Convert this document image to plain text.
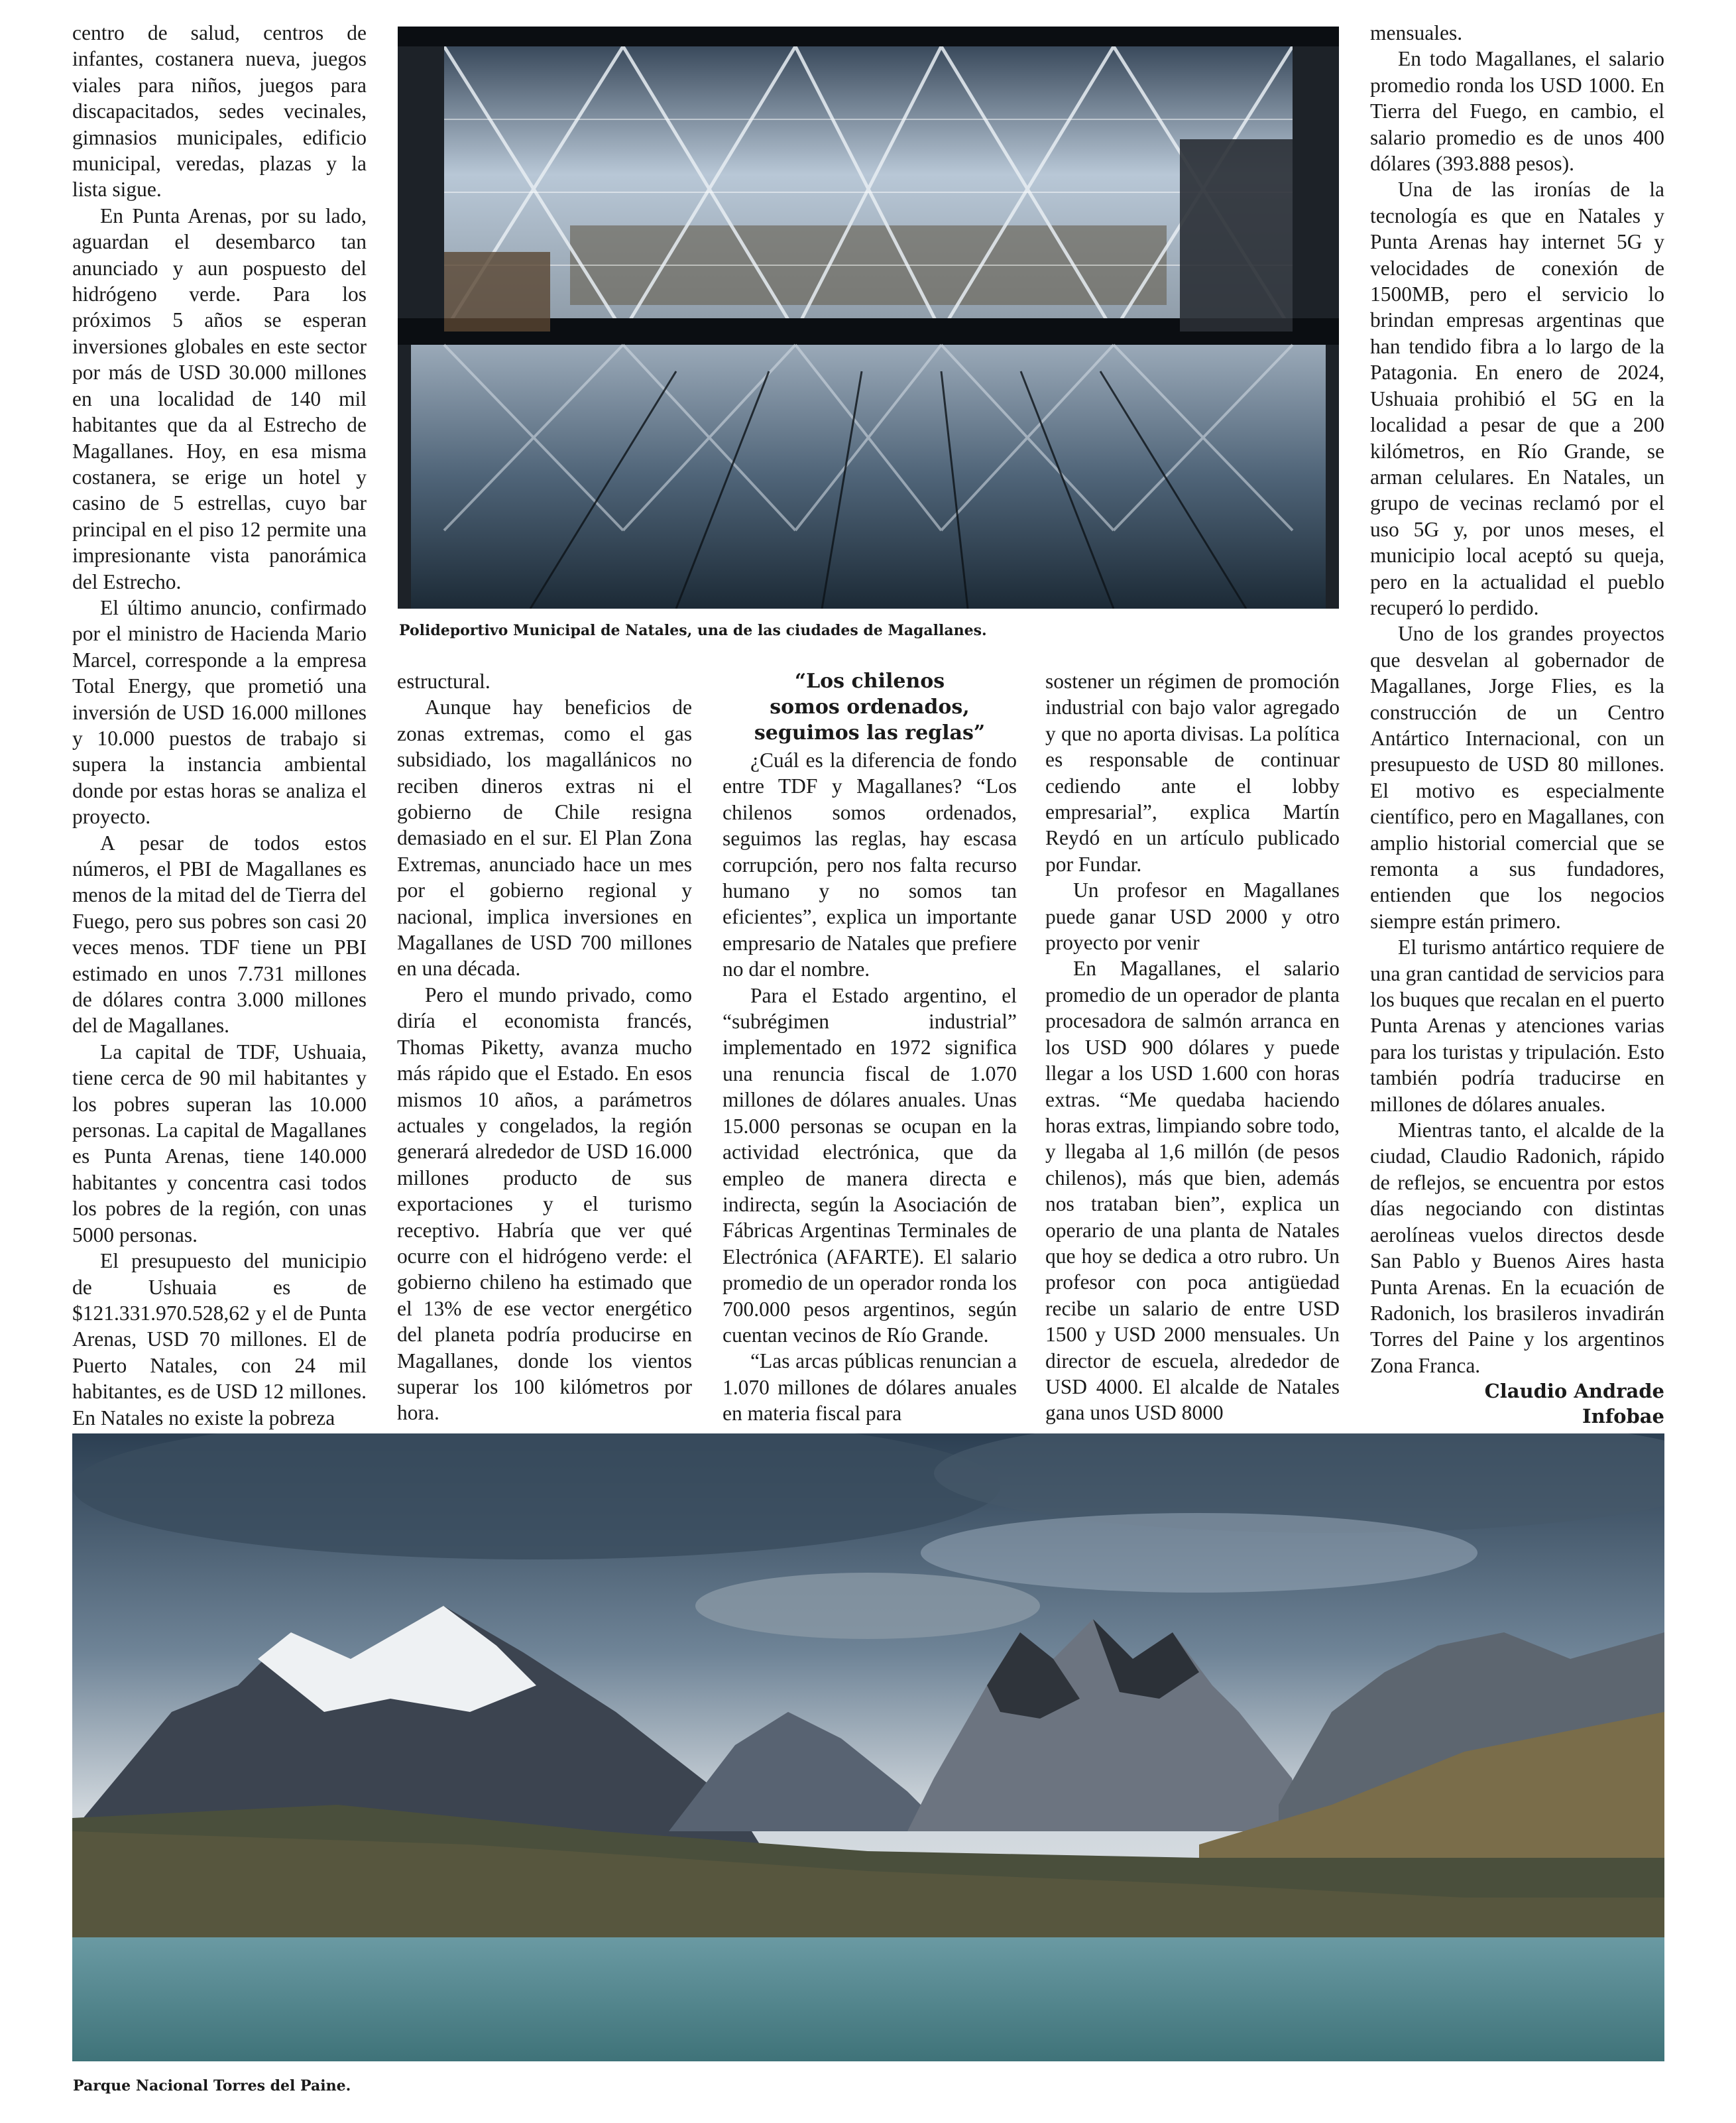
Polideportivo Municipal de Natales, una de las ciudades de Magallanes.

centro de salud, centros de infantes, costanera nueva, juegos viales para niños, juegos para discapacitados, sedes vecinales, gimnasios municipales, edificio municipal, veredas, plazas y la lista sigue.

En Punta Arenas, por su lado, aguardan el desembarco tan anunciado y aun pospuesto del hidrógeno verde. Para los próximos 5 años se esperan inversiones globales en este sector por más de USD 30.000 millones en una localidad de 140 mil habitantes que da al Estrecho de Magallanes. Hoy, en esa misma costanera, se erige un hotel y casino de 5 estrellas, cuyo bar principal en el piso 12 permite una impresionante vista panorámica del Estrecho.

El último anuncio, confirmado por el ministro de Hacienda Mario Marcel, corresponde a la empresa Total Energy, que prometió una inversión de USD 16.000 millones y 10.000 puestos de trabajo si supera la instancia ambiental donde por estas horas se analiza el proyecto.

A pesar de todos estos números, el PBI de Magallanes es menos de la mitad del de Tierra del Fuego, pero sus pobres son casi 20 veces menos. TDF tiene un PBI estimado en unos 7.731 millones de dólares contra 3.000 millones del de Magallanes.

La capital de TDF, Ushuaia, tiene cerca de 90 mil habitantes y los pobres superan las 10.000 personas. La capital de Magallanes es Punta Arenas, tiene 140.000 habitantes y concentra casi todos los pobres de la región, con unas 5000 personas.

El presupuesto del municipio de Ushuaia es de $121.331.970.528,62 y el de Punta Arenas, USD 70 millones. El de Puerto Natales, con 24 mil habitantes, es de USD 12 millones. En Natales no existe la pobreza

estructural.

Aunque hay beneficios de zonas extremas, como el gas subsidiado, los magallánicos no reciben dineros extras ni el gobierno de Chile resigna demasiado en el sur. El Plan Zona Extremas, anunciado hace un mes por el gobierno regional y nacional, implica inversiones en Magallanes de USD 700 millones en una década.

Pero el mundo privado, como diría el economista francés, Thomas Piketty, avanza mucho más rápido que el Estado. En esos mismos 10 años, a parámetros actuales y congelados, la región generará alrededor de USD 16.000 millones producto de sus exportaciones y el turismo receptivo. Habría que ver qué ocurre con el hidrógeno verde: el gobierno chileno ha estimado que el 13% de ese vector energético del planeta podría producirse en Magallanes, donde los vientos superar los 100 kilómetros por hora.

“Los chilenos
somos ordenados,
seguimos las reglas”

¿Cuál es la diferencia de fondo entre TDF y Magallanes? “Los chilenos somos ordenados, seguimos las reglas, hay escasa corrupción, pero nos falta recurso humano y no somos tan eficientes”, explica un importante empresario de Natales que prefiere no dar el nombre.

Para el Estado argentino, el “subrégimen industrial” implementado en 1972 significa una renuncia fiscal de 1.070 millones de dólares anuales. Unas 15.000 personas se ocupan en la actividad electrónica, que da empleo de manera directa e indirecta, según la Asociación de Fábricas Argentinas Terminales de Electrónica (AFARTE). El salario promedio de un operador ronda los 700.000 pesos argentinos, según cuentan vecinos de Río Grande.

“Las arcas públicas renuncian a 1.070 millones de dólares anuales en materia fiscal para

sostener un régimen de promoción industrial con bajo valor agregado y que no aporta divisas. La política es responsable de continuar cediendo ante el lobby empresarial”, explica Martín Reydó en un artículo publicado por Fundar.

Un profesor en Magallanes puede ganar USD 2000 y otro proyecto por venir

En Magallanes, el salario promedio de un operador de planta procesadora de salmón arranca en los USD 900 dólares y puede llegar a los USD 1.600 con horas extras. “Me quedaba haciendo horas extras, limpiando sobre todo, y llegaba al 1,6 millón (de pesos chilenos), más que bien, además nos trataban bien”, explica un operario de una planta de Natales que hoy se dedica a otro rubro. Un profesor con poca antigüedad recibe un salario de entre USD 1500 y USD 2000 mensuales. Un director de escuela, alrededor de USD 4000. El alcalde de Natales gana unos USD 8000

mensuales.

En todo Magallanes, el salario promedio ronda los USD 1000. En Tierra del Fuego, en cambio, el salario promedio es de unos 400 dólares (393.888 pesos).

Una de las ironías de la tecnología es que en Natales y Punta Arenas hay internet 5G y velocidades de conexión de 1500MB, pero el servicio lo brindan empresas argentinas que han tendido fibra a lo largo de la Patagonia. En enero de 2024, Ushuaia prohibió el 5G en la localidad a pesar de que a 200 kilómetros, en Río Grande, se arman celulares. En Natales, un grupo de vecinas reclamó por el uso 5G y, por unos meses, el municipio local aceptó su queja, pero en la actualidad el pueblo recuperó lo perdido.

Uno de los grandes proyectos que desvelan al gobernador de Magallanes, Jorge Flies, es la construcción de un Centro Antártico Internacional, con un presupuesto de USD 80 millones. El motivo es especialmente científico, pero en Magallanes, con amplio historial comercial que se remonta a sus fundadores, entienden que los negocios siempre están primero.

El turismo antártico requiere de una gran cantidad de servicios para los buques que recalan en el puerto Punta Arenas y atenciones varias para los turistas y tripulación. Esto también podría traducirse en millones de dólares anuales.

Mientras tanto, el alcalde de la ciudad, Claudio Radonich, rápido de reflejos, se encuentra por estos días negociando con distintas aerolíneas vuelos directos desde San Pablo y Buenos Aires hasta Punta Arenas. En la ecuación de Radonich, los brasileros invadirán Torres del Paine y los argentinos Zona Franca.

Claudio Andrade
Infobae
Parque Nacional Torres del Paine.
